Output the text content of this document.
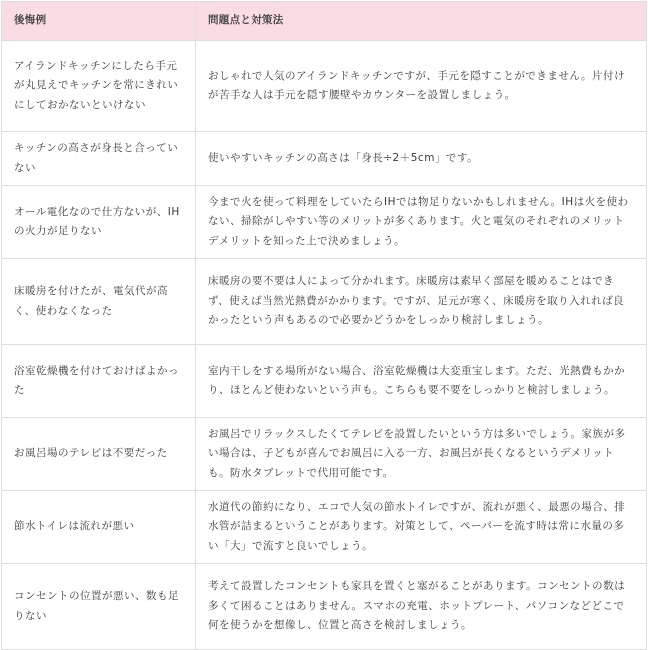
後悔例	問題点と対策法
アイランドキッチンにしたら手元が丸見えでキッチンを常にきれいにしておかないといけない	おしゃれで人気のアイランドキッチンですが、手元を隠すことができません。片付けが苦手な人は手元を隠す腰壁やカウンターを設置しましょう。
キッチンの高さが身長と合っていない	使いやすいキッチンの高さは「身長÷2＋5cm」です。
オール電化なので仕方ないが、IHの火力が足りない	今まで火を使って料理をしていたらIHでは物足りないかもしれません。IHは火を使わない、掃除がしやすい等のメリットが多くあります。火と電気のそれぞれのメリットデメリットを知った上で決めましょう。
床暖房を付けたが、電気代が高く、使わなくなった	床暖房の要不要は人によって分かれます。床暖房は素早く部屋を暖めることはできず、使えば当然光熱費がかかります。ですが、足元が寒く、床暖房を取り入れれば良かったという声もあるので必要かどうかをしっかり検討しましょう。
浴室乾燥機を付けておけばよかった	室内干しをする場所がない場合、浴室乾燥機は大変重宝します。ただ、光熱費もかかり、ほとんど使わないという声も。こちらも要不要をしっかりと検討しましょう。
お風呂場のテレビは不要だった	お風呂でリラックスしたくてテレビを設置したいという方は多いでしょう。家族が多い場合は、子どもが喜んでお風呂に入る一方、お風呂が長くなるというデメリットも。防水タブレットで代用可能です。
節水トイレは流れが悪い	水道代の節約になり、エコで人気の節水トイレですが、流れが悪く、最悪の場合、排水管が詰まるということがあります。対策として、ペーパーを流す時は常に水量の多い「大」で流すと良いでしょう。
コンセントの位置が悪い、数も足りない	考えて設置したコンセントも家具を置くと塞がることがあります。コンセントの数は多くて困ることはありません。スマホの充電、ホットプレート、パソコンなどどこで何を使うかを想像し、位置と高さを検討しましょう。
